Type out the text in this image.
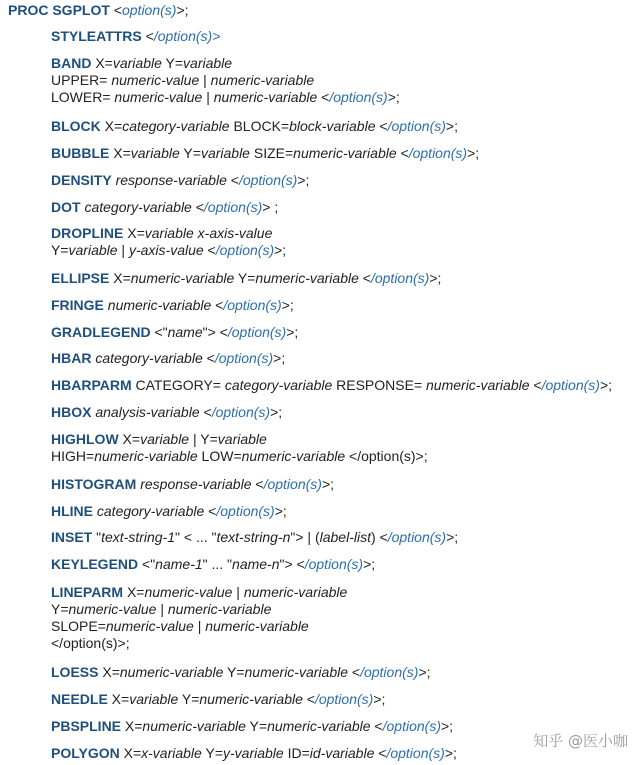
PROC SGPLOT <option(s)>;
STYLEATTRS </option(s)>
BAND X=variable Y=variable
UPPER= numeric-value | numeric-variable
LOWER= numeric-value | numeric-variable </option(s)>;
BLOCK X=category-variable BLOCK=block-variable </option(s)>;
BUBBLE X=variable Y=variable SIZE=numeric-variable </option(s)>;
DENSITY response-variable </option(s)>;
DOT category-variable </option(s)> ;
DROPLINE X=variable x-axis-value
Y=variable | y-axis-value </option(s)>;
ELLIPSE X=numeric-variable Y=numeric-variable </option(s)>;
FRINGE numeric-variable </option(s)>;
GRADLEGEND <"name"> </option(s)>;
HBAR category-variable </option(s)>;
HBARPARM CATEGORY= category-variable RESPONSE= numeric-variable </option(s)>;
HBOX analysis-variable </option(s)>;
HIGHLOW X=variable | Y=variable
HIGH=numeric-variable LOW=numeric-variable </option(s)>;
HISTOGRAM response-variable </option(s)>;
HLINE category-variable </option(s)>;
INSET "text-string-1" < ... "text-string-n"> | (label-list) </option(s)>;
KEYLEGEND <"name-1" ... "name-n"> </option(s)>;
LINEPARM X=numeric-value | numeric-variable
Y=numeric-value | numeric-variable
SLOPE=numeric-value | numeric-variable
</option(s)>;
LOESS X=numeric-variable Y=numeric-variable </option(s)>;
NEEDLE X=variable Y=numeric-variable </option(s)>;
PBSPLINE X=numeric-variable Y=numeric-variable </option(s)>;
POLYGON X=x-variable Y=y-variable ID=id-variable </option(s)>;
知乎 @医小咖
